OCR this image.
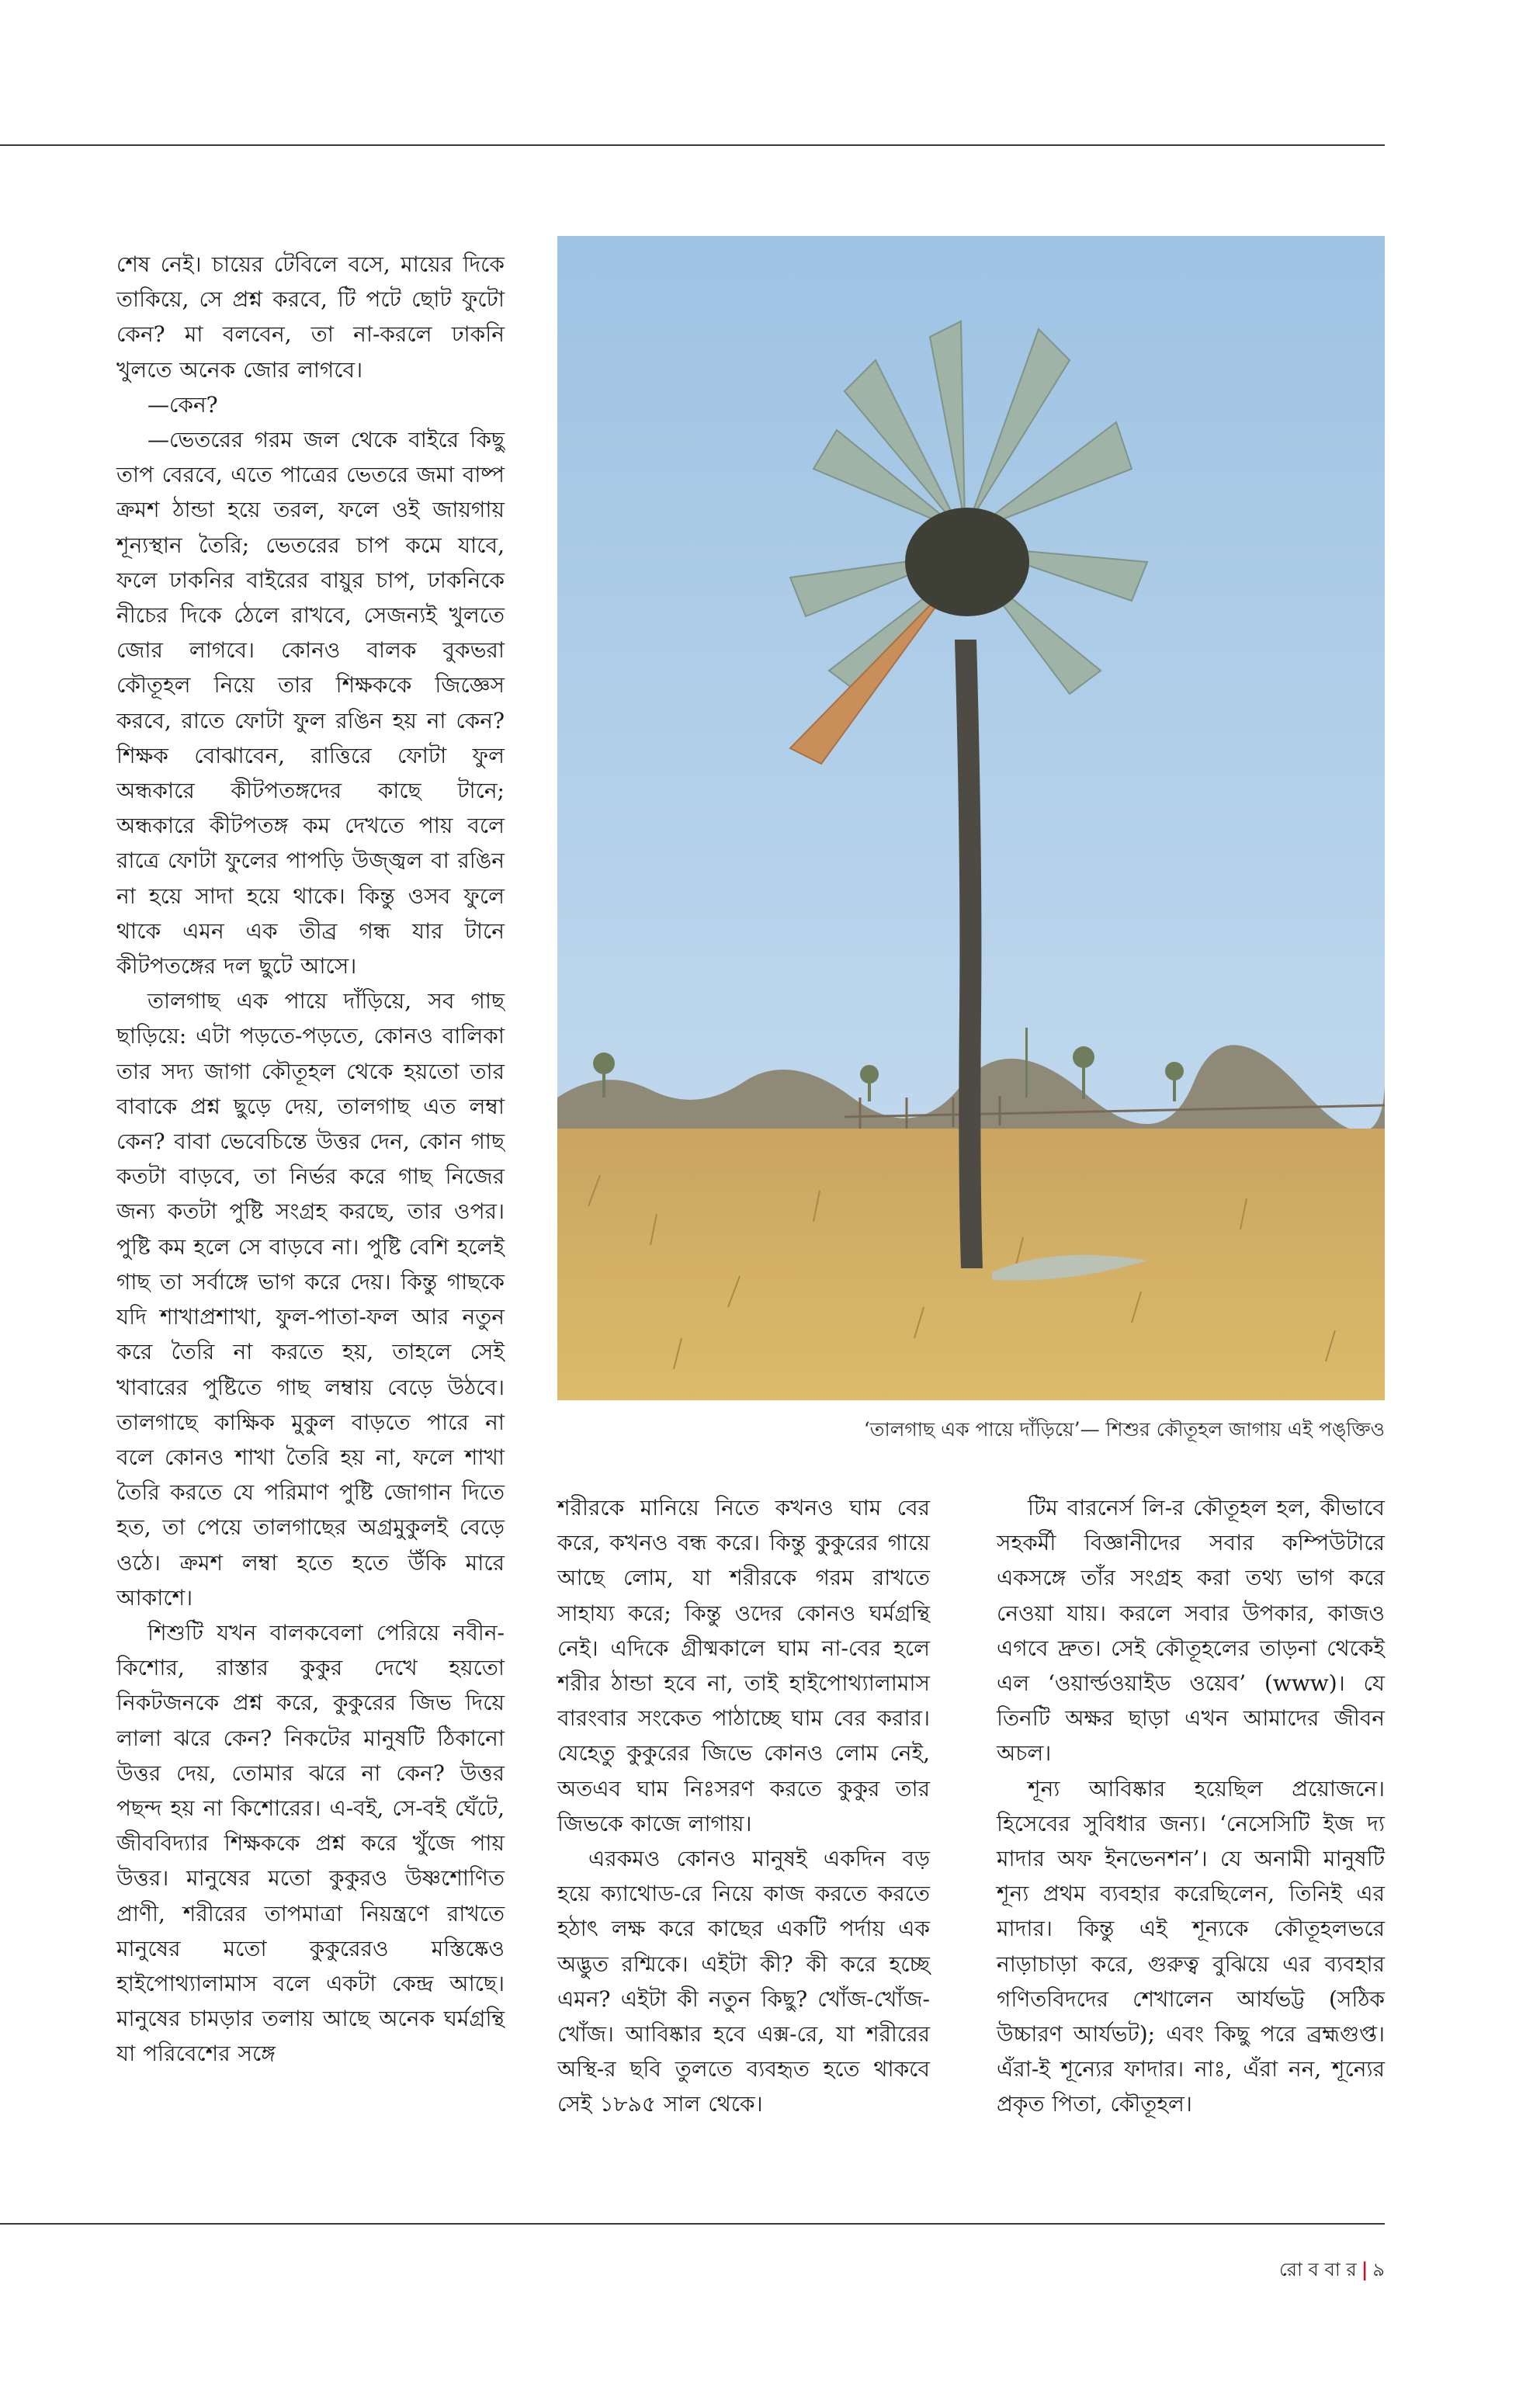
শেষ নেই। চায়ের টেবিলে বসে, মায়ের দিকে তাকিয়ে, সে প্রশ্ন করবে, টি পটে ছোট ফুটো কেন? মা বলবেন, তা না-করলে ঢাকনি খুলতে অনেক জোর লাগবে।

—কেন?

—ভেতরের গরম জল থেকে বাইরে কিছু তাপ বেরবে, এতে পাত্রের ভেতরে জমা বাষ্প ক্রমশ ঠান্ডা হয়ে তরল, ফলে ওই জায়গায় শূন্যস্থান তৈরি; ভেতরের চাপ কমে যাবে, ফলে ঢাকনির বাইরের বায়ুর চাপ, ঢাকনিকে নীচের দিকে ঠেলে রাখবে, সেজন্যই খুলতে জোর লাগবে। কোনও বালক বুকভরা কৌতূহল নিয়ে তার শিক্ষককে জিজ্ঞেস করবে, রাতে ফোটা ফুল রঙিন হয় না কেন? শিক্ষক বোঝাবেন, রাত্তিরে ফোটা ফুল অন্ধকারে কীটপতঙ্গদের কাছে টানে; অন্ধকারে কীটপতঙ্গ কম দেখতে পায় বলে রাত্রে ফোটা ফুলের পাপড়ি উজ্জ্বল বা রঙিন না হয়ে সাদা হয়ে থাকে। কিন্তু ওসব ফুলে থাকে এমন এক তীব্র গন্ধ যার টানে কীটপতঙ্গের দল ছুটে আসে।

তালগাছ এক পায়ে দাঁড়িয়ে, সব গাছ ছাড়িয়ে: এটা পড়তে-পড়তে, কোনও বালিকা তার সদ্য জাগা কৌতূহল থেকে হয়তো তার বাবাকে প্রশ্ন ছুড়ে দেয়, তালগাছ এত লম্বা কেন? বাবা ভেবেচিন্তে উত্তর দেন, কোন গাছ কতটা বাড়বে, তা নির্ভর করে গাছ নিজের জন্য কতটা পুষ্টি সংগ্রহ করছে, তার ওপর। পুষ্টি কম হলে সে বাড়বে না। পুষ্টি বেশি হলেই গাছ তা সর্বাঙ্গে ভাগ করে দেয়। কিন্তু গাছকে যদি শাখাপ্রশাখা, ফুল-পাতা-ফল আর নতুন করে তৈরি না করতে হয়, তাহলে সেই খাবারের পুষ্টিতে গাছ লম্বায় বেড়ে উঠবে। তালগাছে কাক্ষিক মুকুল বাড়তে পারে না বলে কোনও শাখা তৈরি হয় না, ফলে শাখা তৈরি করতে যে পরিমাণ পুষ্টি জোগান দিতে হত, তা পেয়ে তালগাছের অগ্রমুকুলই বেড়ে ওঠে। ক্রমশ লম্বা হতে হতে উঁকি মারে আকাশে।

শিশুটি যখন বালকবেলা পেরিয়ে নবীন-কিশোর, রাস্তার কুকুর দেখে হয়তো নিকটজনকে প্রশ্ন করে, কুকুরের জিভ দিয়ে লালা ঝরে কেন? নিকটের মানুষটি ঠিকানো উত্তর দেয়, তোমার ঝরে না কেন? উত্তর পছন্দ হয় না কিশোরের। এ-বই, সে-বই ঘেঁটে, জীববিদ্যার শিক্ষককে প্রশ্ন করে খুঁজে পায় উত্তর। মানুষের মতো কুকুরও উষ্ণশোণিত প্রাণী, শরীরের তাপমাত্রা নিয়ন্ত্রণে রাখতে মানুষের মতো কুকুরেরও মস্তিষ্কেও হাইপোথ্যালামাস বলে একটা কেন্দ্র আছে। মানুষের চামড়ার তলায় আছে অনেক ঘর্মগ্রন্থি যা পরিবেশের সঙ্গে

‘তালগাছ এক পায়ে দাঁড়িয়ে’— শিশুর কৌতূহল জাগায় এই পঙ্‌ক্তিও

শরীরকে মানিয়ে নিতে কখনও ঘাম বের করে, কখনও বন্ধ করে। কিন্তু কুকুরের গায়ে আছে লোম, যা শরীরকে গরম রাখতে সাহায্য করে; কিন্তু ওদের কোনও ঘর্মগ্রন্থি নেই। এদিকে গ্রীষ্মকালে ঘাম না-বের হলে শরীর ঠান্ডা হবে না, তাই হাইপোথ্যালামাস বারংবার সংকেত পাঠাচ্ছে ঘাম বের করার। যেহেতু কুকুরের জিভে কোনও লোম নেই, অতএব ঘাম নিঃসরণ করতে কুকুর তার জিভকে কাজে লাগায়।

এরকমও কোনও মানুষই একদিন বড় হয়ে ক্যাথোড-রে নিয়ে কাজ করতে করতে হঠাৎ লক্ষ করে কাছের একটি পর্দায় এক অদ্ভুত রশ্মিকে। এইটা কী? কী করে হচ্ছে এমন? এইটা কী নতুন কিছু? খোঁজ-খোঁজ-খোঁজ। আবিষ্কার হবে এক্স-রে, যা শরীরের অস্থি-র ছবি তুলতে ব্যবহৃত হতে থাকবে সেই ১৮৯৫ সাল থেকে।

টিম বারনের্স লি-র কৌতূহল হল, কীভাবে সহকর্মী বিজ্ঞানীদের সবার কম্পিউটারে একসঙ্গে তাঁর সংগ্রহ করা তথ্য ভাগ করে নেওয়া যায়। করলে সবার উপকার, কাজও এগবে দ্রুত। সেই কৌতূহলের তাড়না থেকেই এল ‘ওয়ার্ল্ডওয়াইড ওয়েব’ (www)। যে তিনটি অক্ষর ছাড়া এখন আমাদের জীবন অচল।

শূন্য আবিষ্কার হয়েছিল প্রয়োজনে। হিসেবের সুবিধার জন্য। ‘নেসেসিটি ইজ দ্য মাদার অফ ইনভেনশন’। যে অনামী মানুষটি শূন্য প্রথম ব্যবহার করেছিলেন, তিনিই এর মাদার। কিন্তু এই শূন্যকে কৌতূহলভরে নাড়াচাড়া করে, গুরুত্ব বুঝিয়ে এর ব্যবহার গণিতবিদদের শেখালেন আর্যভট্ট (সঠিক উচ্চারণ আর্যভট); এবং কিছু পরে ব্রহ্মগুপ্ত। এঁরা-ই শূন্যের ফাদার। নাঃ, এঁরা নন, শূন্যের প্রকৃত পিতা, কৌতূহল।

রো ব বা র | ৯
